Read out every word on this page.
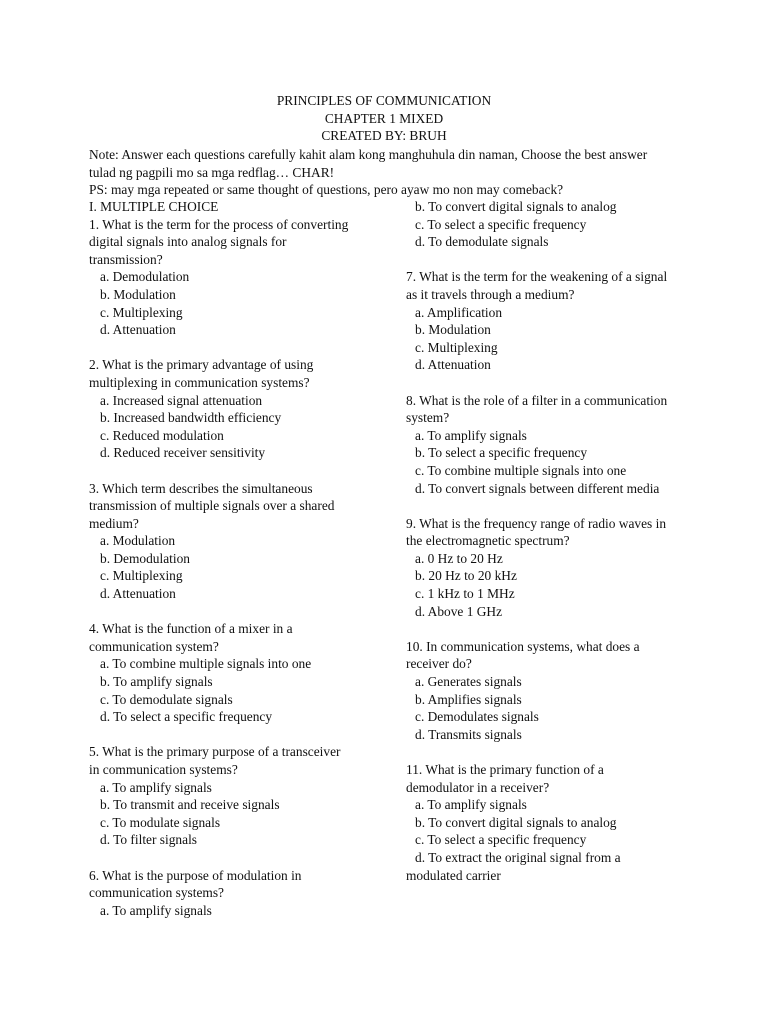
PRINCIPLES OF COMMUNICATION
CHAPTER 1 MIXED
CREATED BY: BRUH
Note: Answer each questions carefully kahit alam kong manghuhula din naman, Choose the best answer
tulad ng pagpili mo sa mga redflag… CHAR!
PS: may mga repeated or same thought of questions, pero ayaw mo non may comeback?
I. MULTIPLE CHOICE
1. What is the term for the process of converting
digital signals into analog signals for
transmission?
a. Demodulation
b. Modulation
c. Multiplexing
d. Attenuation
2. What is the primary advantage of using
multiplexing in communication systems?
a. Increased signal attenuation
b. Increased bandwidth efficiency
c. Reduced modulation
d. Reduced receiver sensitivity
3. Which term describes the simultaneous
transmission of multiple signals over a shared
medium?
a. Modulation
b. Demodulation
c. Multiplexing
d. Attenuation
4. What is the function of a mixer in a
communication system?
a. To combine multiple signals into one
b. To amplify signals
c. To demodulate signals
d. To select a specific frequency
5. What is the primary purpose of a transceiver
in communication systems?
a. To amplify signals
b. To transmit and receive signals
c. To modulate signals
d. To filter signals
6. What is the purpose of modulation in
communication systems?
a. To amplify signals
b. To convert digital signals to analog
c. To select a specific frequency
d. To demodulate signals
7. What is the term for the weakening of a signal
as it travels through a medium?
a. Amplification
b. Modulation
c. Multiplexing
d. Attenuation
8. What is the role of a filter in a communication
system?
a. To amplify signals
b. To select a specific frequency
c. To combine multiple signals into one
d. To convert signals between different media
9. What is the frequency range of radio waves in
the electromagnetic spectrum?
a. 0 Hz to 20 Hz
b. 20 Hz to 20 kHz
c. 1 kHz to 1 MHz
d. Above 1 GHz
10. In communication systems, what does a
receiver do?
a. Generates signals
b. Amplifies signals
c. Demodulates signals
d. Transmits signals
11. What is the primary function of a
demodulator in a receiver?
a. To amplify signals
b. To convert digital signals to analog
c. To select a specific frequency
d. To extract the original signal from a
modulated carrier
